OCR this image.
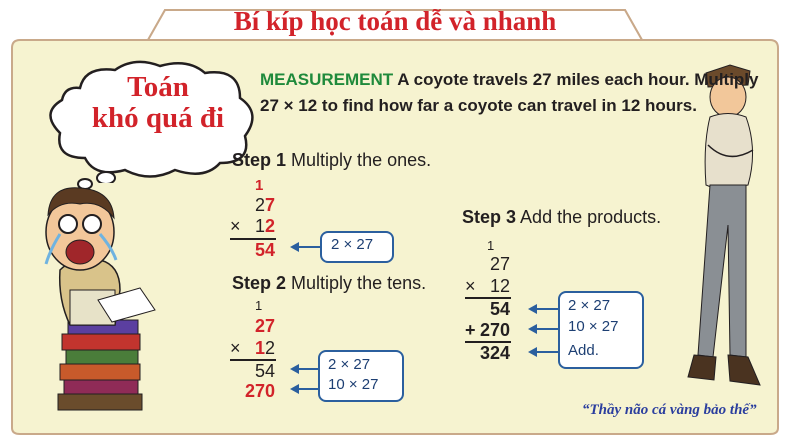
Bí kíp học toán dễ và nhanh
Toán
khó quá đi
MEASUREMENT A coyote travels 27 miles each hour. Multiply
27 × 12 to find how far a coyote can travel in 12 hours.
Step 1 Multiply the ones.
1
27
× 12
54	2 × 27
Step 2 Multiply the tens.
1
27
× 12
54
270
2 × 27
10 × 27
Step 3 Add the products.
1
27
× 12
54
+ 270
324
2 × 27
10 × 27
Add.
“Thầy não cá vàng bảo thế”
